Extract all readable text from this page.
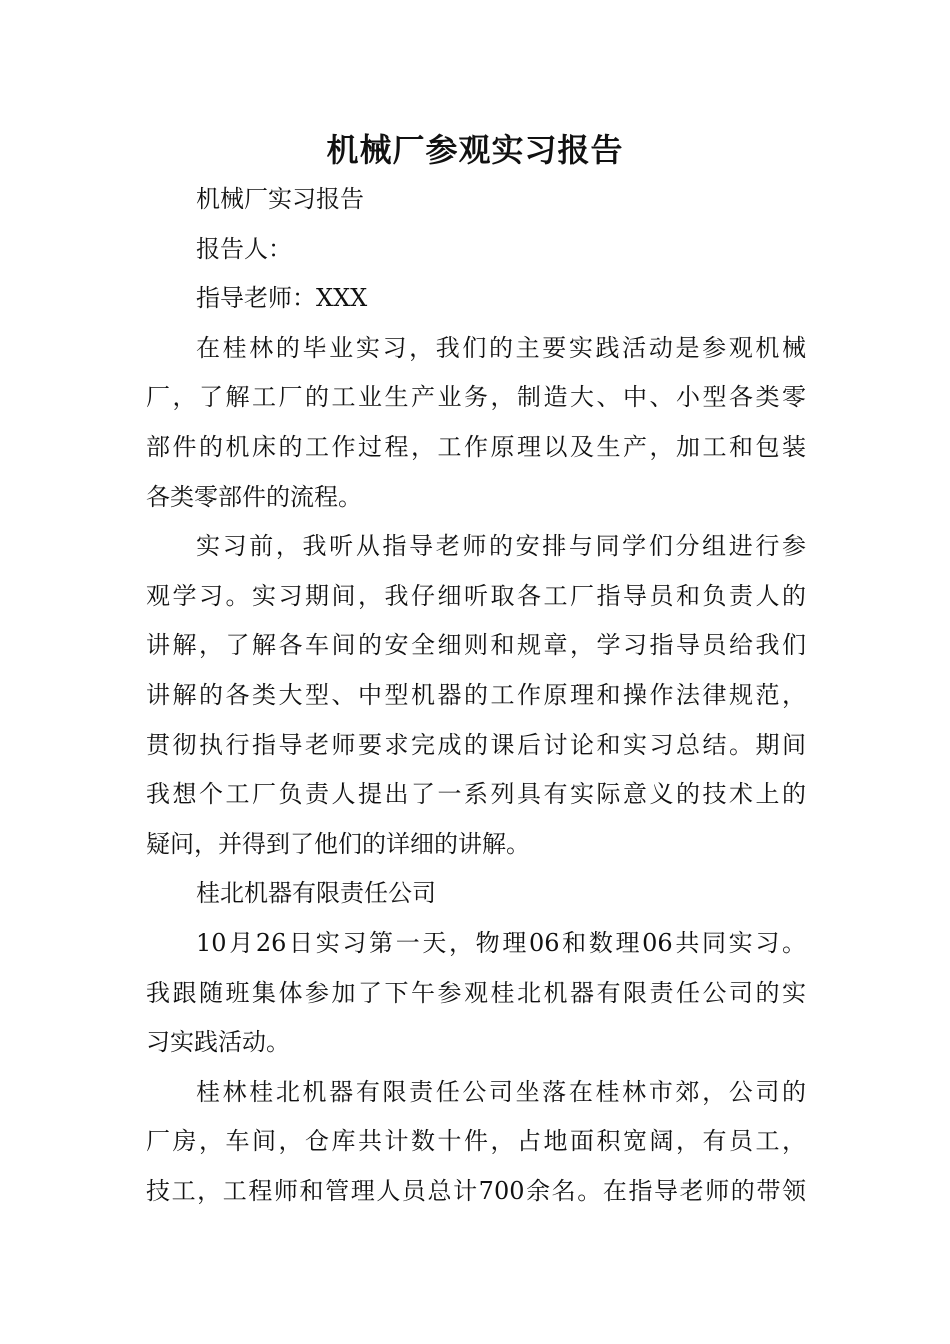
机械厂参观实习报告
机械厂实习报告
报告人：
指导老师：XXX
在桂林的毕业实习，我们的主要实践活动是参观机械
厂，了解工厂的工业生产业务，制造大、中、小型各类零
部件的机床的工作过程，工作原理以及生产，加工和包装
各类零部件的流程。
实习前，我听从指导老师的安排与同学们分组进行参
观学习。实习期间，我仔细听取各工厂指导员和负责人的
讲解，了解各车间的安全细则和规章，学习指导员给我们
讲解的各类大型、中型机器的工作原理和操作法律规范，
贯彻执行指导老师要求完成的课后讨论和实习总结。期间
我想个工厂负责人提出了一系列具有实际意义的技术上的
疑问，并得到了他们的详细的讲解。
桂北机器有限责任公司
10月26日实习第一天，物理06和数理06共同实习。
我跟随班集体参加了下午参观桂北机器有限责任公司的实
习实践活动。
桂林桂北机器有限责任公司坐落在桂林市郊，公司的
厂房，车间，仓库共计数十件，占地面积宽阔，有员工，
技工，工程师和管理人员总计700余名。在指导老师的带领
